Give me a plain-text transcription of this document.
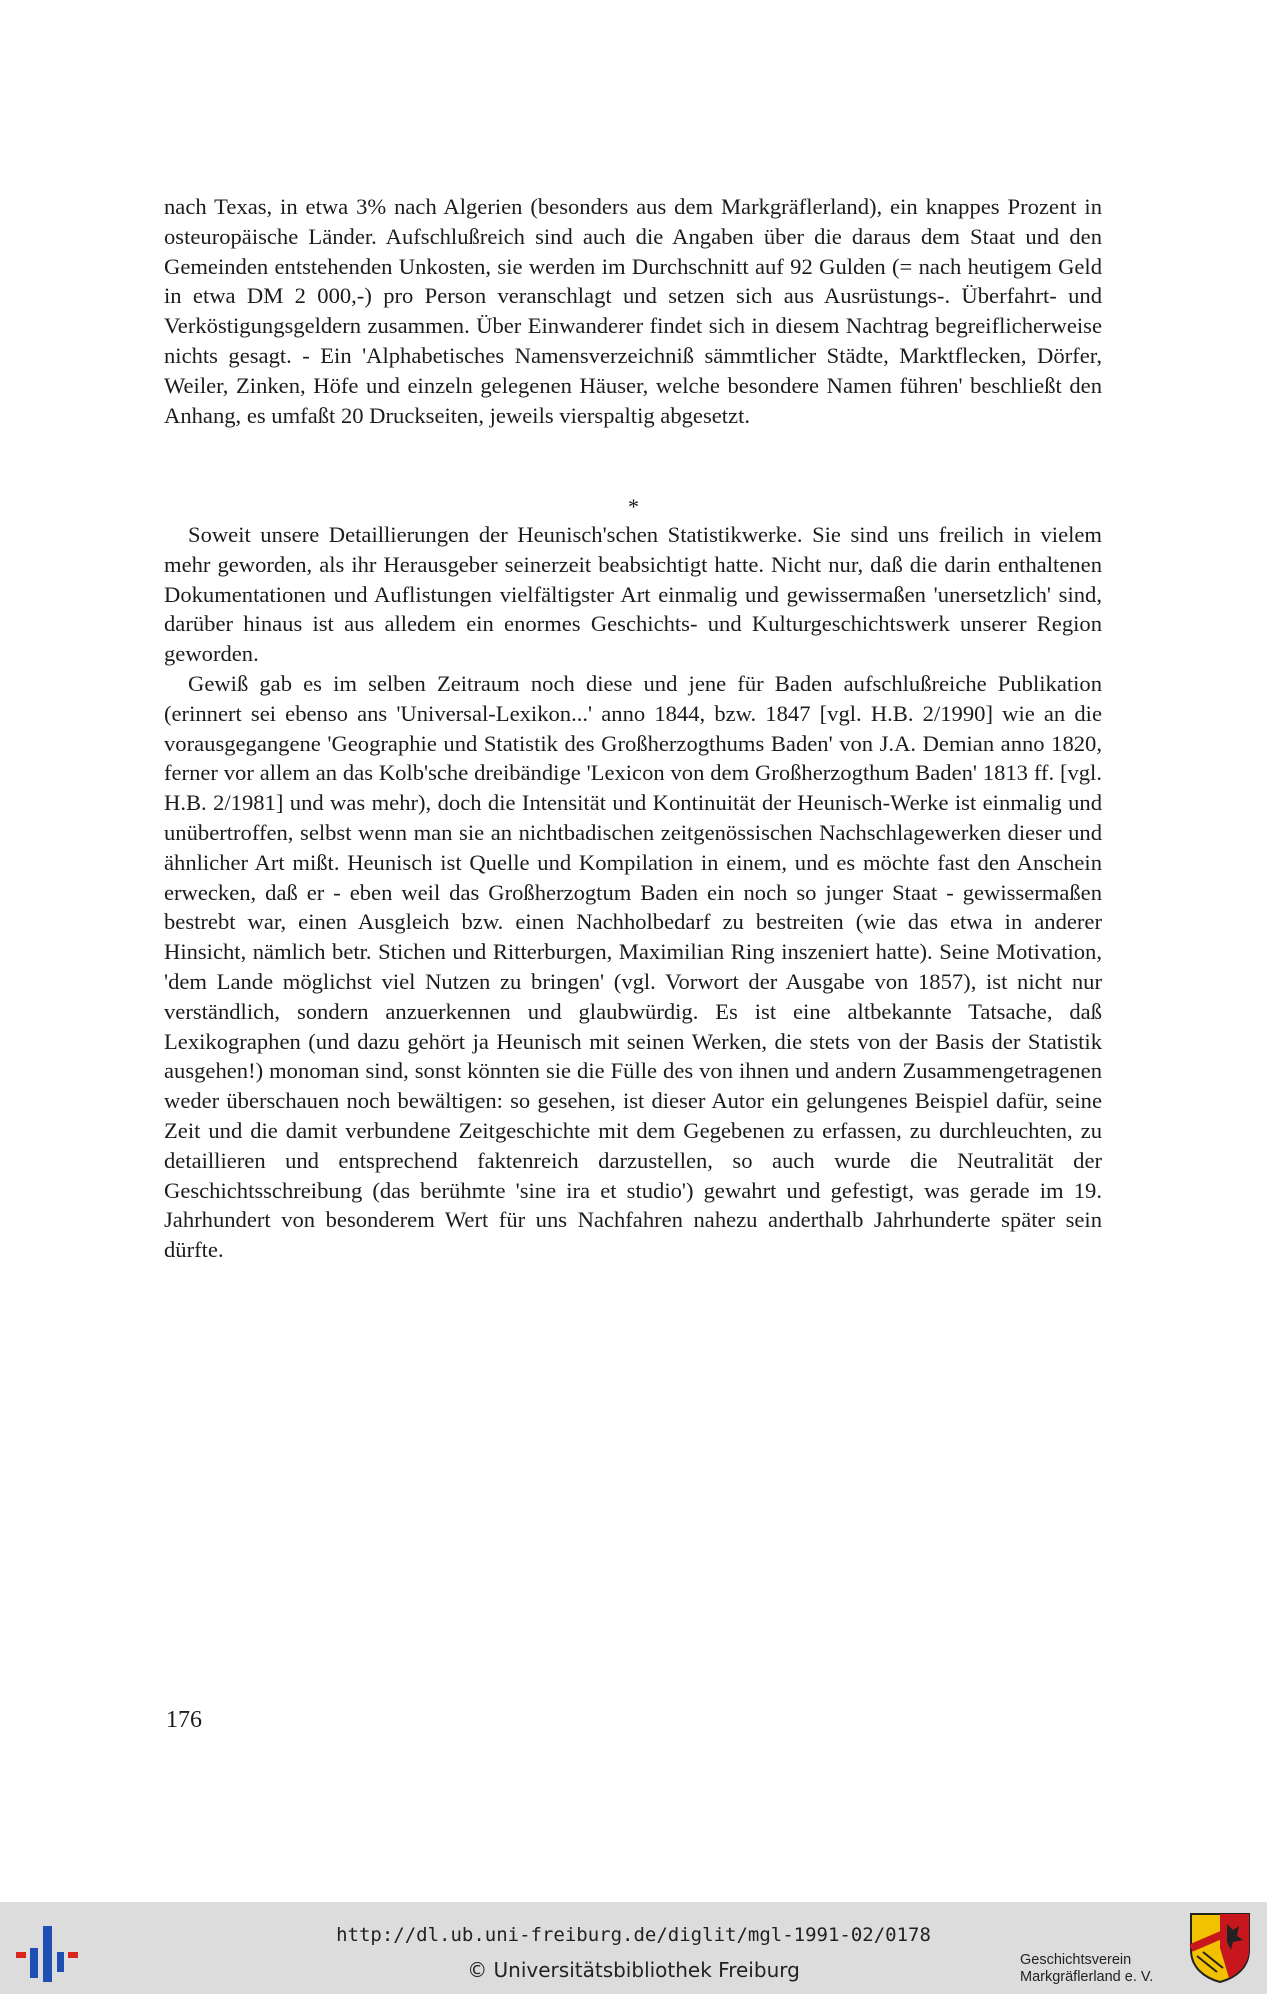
nach Texas, in etwa 3% nach Algerien (besonders aus dem Markgräflerland), ein knappes Prozent in osteuropäische Länder. Aufschlußreich sind auch die Angaben über die daraus dem Staat und den Gemeinden entstehenden Unkosten, sie werden im Durchschnitt auf 92 Gulden (= nach heutigem Geld in etwa DM 2 000,-) pro Person veranschlagt und setzen sich aus Ausrüstungs-. Überfahrt- und Verköstigungsgeldern zusammen. Über Einwanderer findet sich in diesem Nachtrag begreiflicherweise nichts gesagt. - Ein 'Alphabetisches Namensverzeichniß sämmtlicher Städte, Marktflecken, Dörfer, Weiler, Zinken, Höfe und einzeln gelegenen Häuser, welche besondere Namen führen' beschließt den Anhang, es umfaßt 20 Druckseiten, jeweils vierspaltig abgesetzt.

*

Soweit unsere Detaillierungen der Heunisch'schen Statistikwerke. Sie sind uns freilich in vielem mehr geworden, als ihr Herausgeber seinerzeit beabsichtigt hatte. Nicht nur, daß die darin enthaltenen Dokumentationen und Auflistungen vielfältigster Art einmalig und gewissermaßen 'unersetzlich' sind, darüber hinaus ist aus alledem ein enormes Geschichts- und Kulturgeschichtswerk unserer Region geworden.

Gewiß gab es im selben Zeitraum noch diese und jene für Baden aufschlußreiche Publikation (erinnert sei ebenso ans 'Universal-Lexikon...' anno 1844, bzw. 1847 [vgl. H.B. 2/1990] wie an die vorausgegangene 'Geographie und Statistik des Großherzogthums Baden' von J.A. Demian anno 1820, ferner vor allem an das Kolb'sche dreibändige 'Lexicon von dem Großherzogthum Baden' 1813 ff. [vgl. H.B. 2/1981] und was mehr), doch die Intensität und Kontinuität der Heunisch-Werke ist einmalig und unübertroffen, selbst wenn man sie an nichtbadischen zeitgenössischen Nachschlagewerken dieser und ähnlicher Art mißt. Heunisch ist Quelle und Kompilation in einem, und es möchte fast den Anschein erwecken, daß er - eben weil das Großherzogtum Baden ein noch so junger Staat - gewissermaßen bestrebt war, einen Ausgleich bzw. einen Nachholbedarf zu bestreiten (wie das etwa in anderer Hinsicht, nämlich betr. Stichen und Ritterburgen, Maximilian Ring inszeniert hatte). Seine Motivation, 'dem Lande möglichst viel Nutzen zu bringen' (vgl. Vorwort der Ausgabe von 1857), ist nicht nur verständlich, sondern anzuerkennen und glaubwürdig. Es ist eine altbekannte Tatsache, daß Lexikographen (und dazu gehört ja Heunisch mit seinen Werken, die stets von der Basis der Statistik ausgehen!) monoman sind, sonst könnten sie die Fülle des von ihnen und andern Zusammengetragenen weder überschauen noch bewältigen: so gesehen, ist dieser Autor ein gelungenes Beispiel dafür, seine Zeit und die damit verbundene Zeitgeschichte mit dem Gegebenen zu erfassen, zu durchleuchten, zu detaillieren und entsprechend faktenreich darzustellen, so auch wurde die Neutralität der Geschichtsschreibung (das berühmte 'sine ira et studio') gewahrt und gefestigt, was gerade im 19. Jahrhundert von besonderem Wert für uns Nachfahren nahezu anderthalb Jahrhunderte später sein dürfte.

176
http://dl.ub.uni-freiburg.de/diglit/mgl-1991-02/0178
© Universitätsbibliothek Freiburg	Geschichtsverein
Markgräflerland e. V.
